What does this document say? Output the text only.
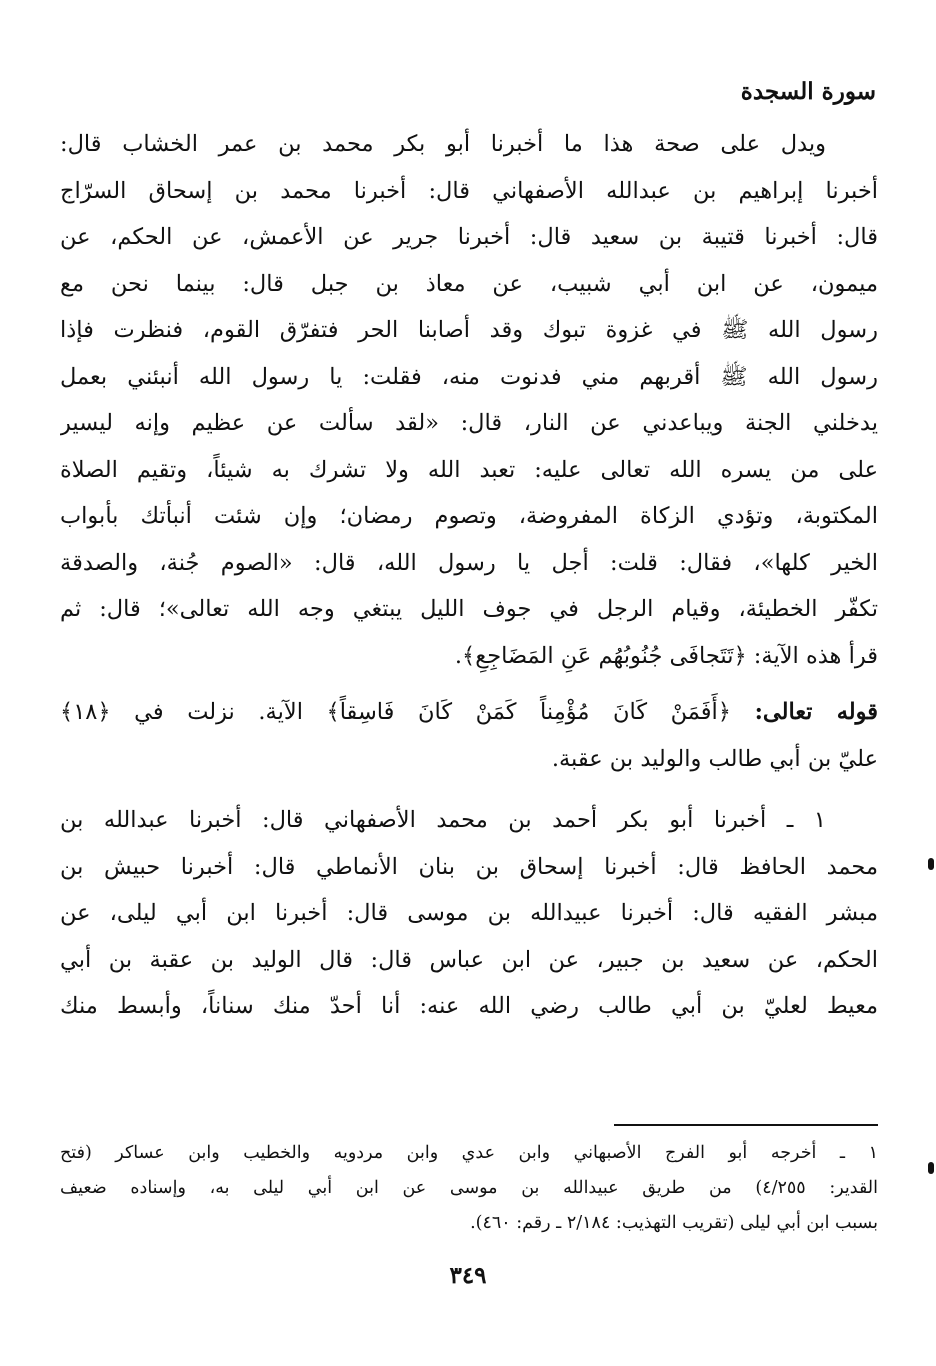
سورة السجدة
ويدل على صحة هذا ما أخبرنا أبو بكر محمد بن عمر الخشاب قال:
أخبرنا إبراهيم بن عبدالله الأصفهاني قال: أخبرنا محمد بن إسحاق السرّاج
قال: أخبرنا قتيبة بن سعيد قال: أخبرنا جرير عن الأعمش، عن الحكم، عن
ميمون، عن ابن أبي شبيب، عن معاذ بن جبل قال: بينما نحن مع
رسول الله ﷺ في غزوة تبوك وقد أصابنا الحر فتفرّق القوم، فنظرت فإذا
رسول الله ﷺ أقربهم مني فدنوت منه، فقلت: يا رسول الله أنبئني بعمل
يدخلني الجنة ويباعدني عن النار، قال: «لقد سألت عن عظيم وإنه ليسير
على من يسره الله تعالى عليه: تعبد الله ولا تشرك به شيئاً، وتقيم الصلاة
المكتوبة، وتؤدي الزكاة المفروضة، وتصوم رمضان؛ وإن شئت أنبأتك بأبواب
الخير كلها»، فقال: قلت: أجل يا رسول الله، قال: «الصوم جُنة، والصدقة
تكفّر الخطيئة، وقيام الرجل في جوف الليل يبتغي وجه الله تعالى»؛ قال: ثم
قرأ هذه الآية: ﴿تَتَجافَى جُنُوبُهُم عَنِ المَضَاجِعِ﴾.
قوله تعالى: ﴿أَفَمَنْ كَانَ مُؤْمِناً كَمَنْ كَانَ فَاسِقاً﴾ الآية. نزلت في ﴿١٨﴾
عليّ بن أبي طالب والوليد بن عقبة.
١ ـ أخبرنا أبو بكر أحمد بن محمد الأصفهاني قال: أخبرنا عبدالله بن
محمد الحافظ قال: أخبرنا إسحاق بن بنان الأنماطي قال: أخبرنا حبيش بن
مبشر الفقيه قال: أخبرنا عبيدالله بن موسى قال: أخبرنا ابن أبي ليلى، عن
الحكم، عن سعيد بن جبير، عن ابن عباس قال: قال الوليد بن عقبة بن أبي
معيط لعليّ بن أبي طالب رضي الله عنه: أنا أحدّ منك سناناً، وأبسط منك
١ ـ أخرجه أبو الفرج الأصبهاني وابن عدي وابن مردويه والخطيب وابن عساكر (فتح
القدير: ٤/٢٥٥) من طريق عبيدالله بن موسى عن ابن أبي ليلى به، وإسناده ضعيف
بسبب ابن أبي ليلى (تقريب التهذيب: ٢/١٨٤ ـ رقم: ٤٦٠).
٣٤٩
